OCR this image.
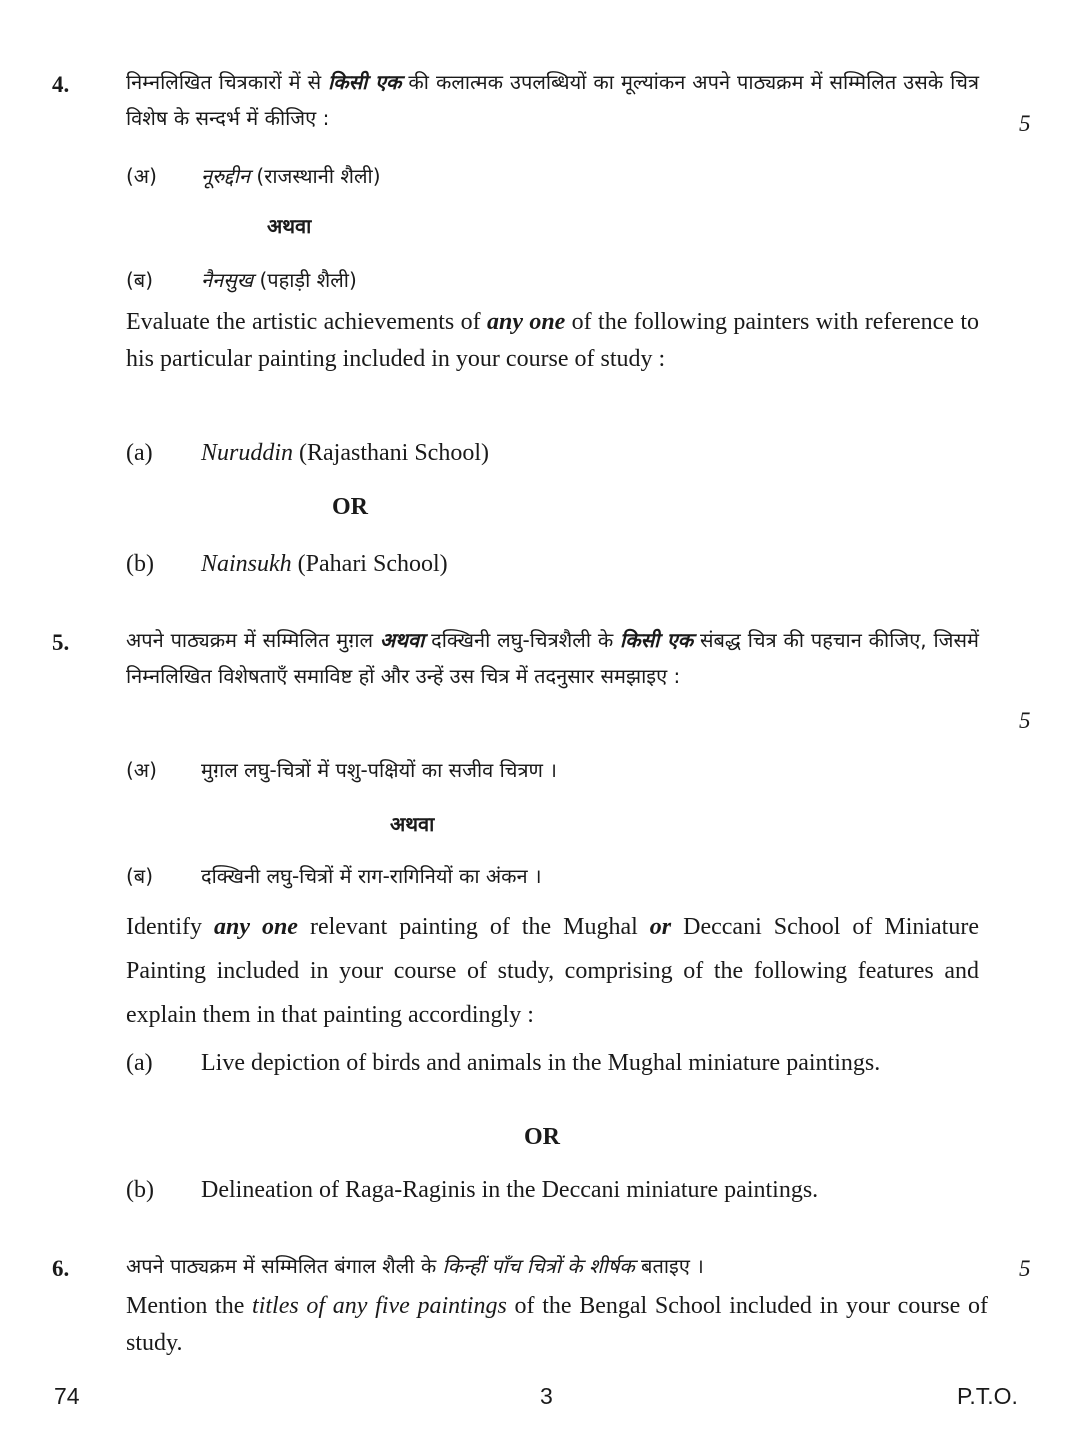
4.	निम्नलिखित चित्रकारों में से किसी एक की कलात्मक उपलब्धियों का मूल्यांकन अपने पाठ्यक्रम में सम्मिलित उसके चित्र विशेष के सन्दर्भ में कीजिए :	5
(अ) नूरुद्दीन (राजस्थानी शैली)
अथवा
(ब) नैनसुख (पहाड़ी शैली)
Evaluate the artistic achievements of any one of the following painters with reference to his particular painting included in your course of study :
(a) Nuruddin (Rajasthani School)
OR
(b) Nainsukh (Pahari School)
5.	अपने पाठ्यक्रम में सम्मिलित मुग़ल अथवा दक्खिनी लघु-चित्रशैली के किसी एक संबद्ध चित्र की पहचान कीजिए, जिसमें निम्नलिखित विशेषताएँ समाविष्ट हों और उन्हें उस चित्र में तदनुसार समझाइए :
5
(अ) मुग़ल लघु-चित्रों में पशु-पक्षियों का सजीव चित्रण ।
अथवा
(ब) दक्खिनी लघु-चित्रों में राग-रागिनियों का अंकन ।
Identify any one relevant painting of the Mughal or Deccani School of Miniature Painting included in your course of study, comprising of the following features and explain them in that painting accordingly :
(a) Live depiction of birds and animals in the Mughal miniature paintings.
OR
(b) Delineation of Raga-Raginis in the Deccani miniature paintings.
6.	अपने पाठ्यक्रम में सम्मिलित बंगाल शैली के किन्हीं पाँच चित्रों के शीर्षक बताइए ।	5
Mention the titles of any five paintings of the Bengal School included in your course of study.
74	3	P.T.O.
